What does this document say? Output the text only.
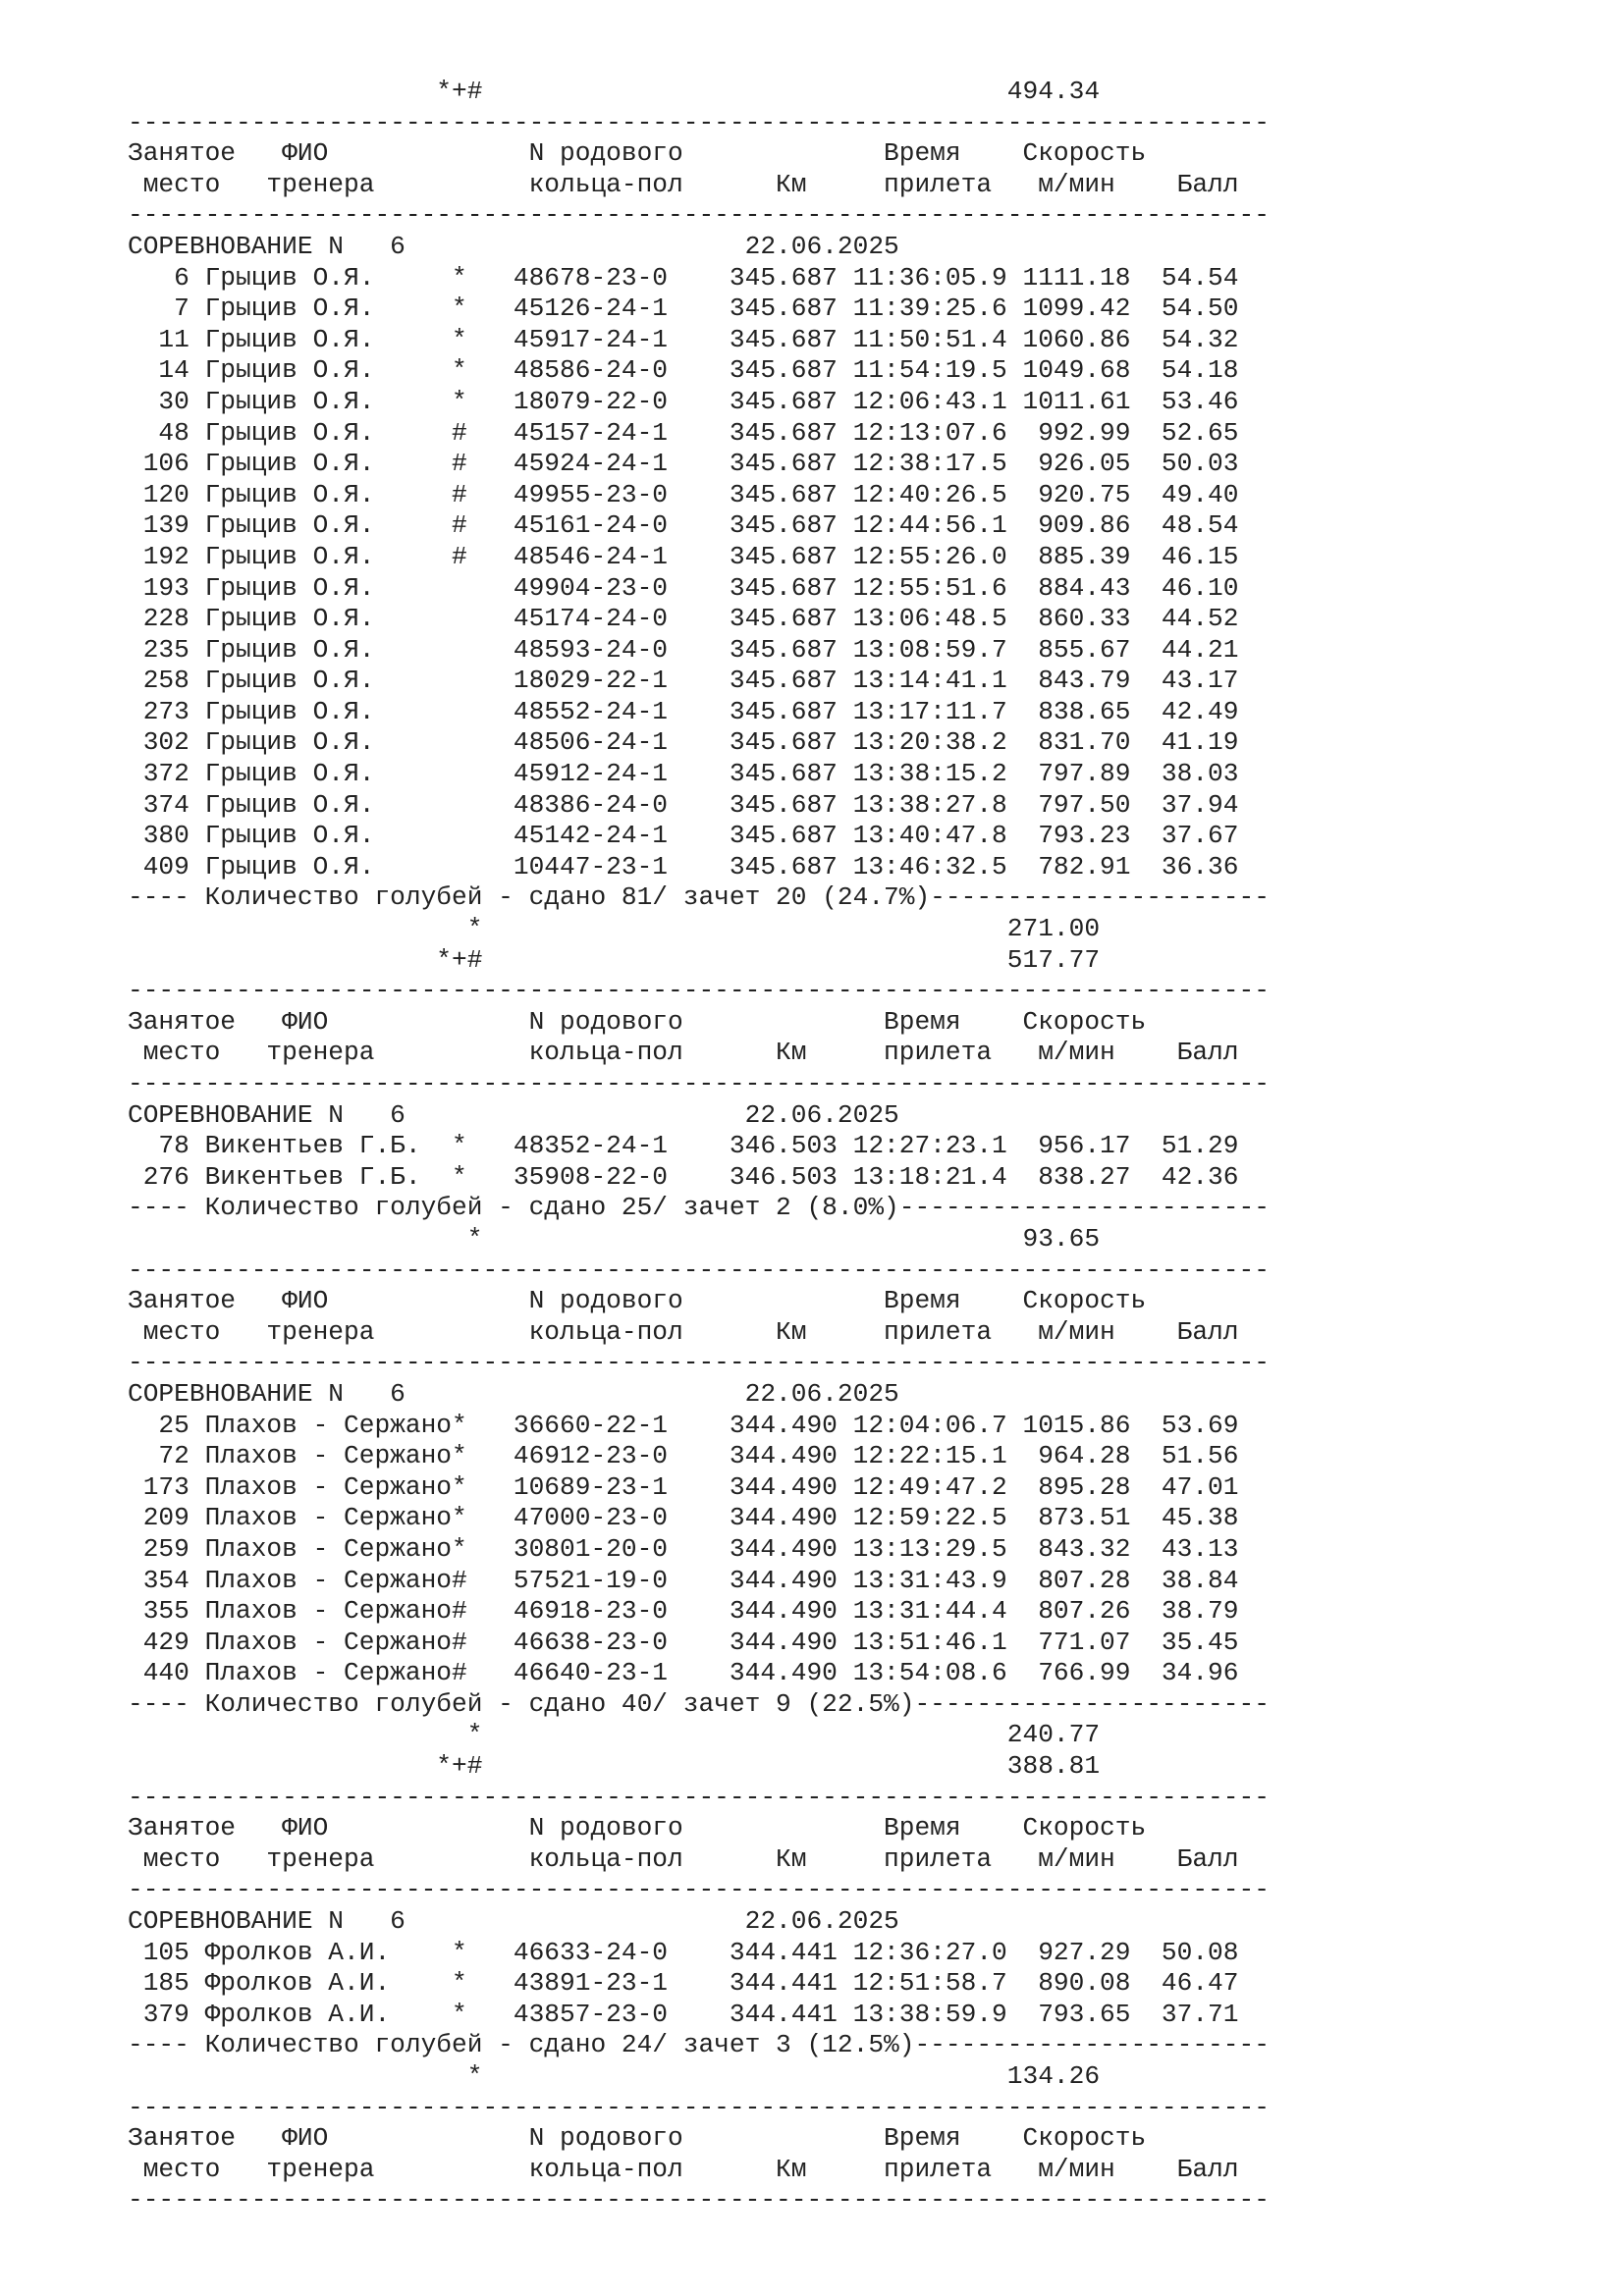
*+#                                  494.34
--------------------------------------------------------------------------
Занятое   ФИО             N родового             Время    Скорость
место   тренера          кольца-пол      Км     прилета   м/мин    Балл
--------------------------------------------------------------------------
СОРЕВНОВАНИЕ N   6                      22.06.2025
6 Грыцив О.Я.     *   48678-23-0    345.687 11:36:05.9 1111.18  54.54
7 Грыцив О.Я.     *   45126-24-1    345.687 11:39:25.6 1099.42  54.50
11 Грыцив О.Я.     *   45917-24-1    345.687 11:50:51.4 1060.86  54.32
14 Грыцив О.Я.     *   48586-24-0    345.687 11:54:19.5 1049.68  54.18
30 Грыцив О.Я.     *   18079-22-0    345.687 12:06:43.1 1011.61  53.46
48 Грыцив О.Я.     #   45157-24-1    345.687 12:13:07.6  992.99  52.65
106 Грыцив О.Я.     #   45924-24-1    345.687 12:38:17.5  926.05  50.03
120 Грыцив О.Я.     #   49955-23-0    345.687 12:40:26.5  920.75  49.40
139 Грыцив О.Я.     #   45161-24-0    345.687 12:44:56.1  909.86  48.54
192 Грыцив О.Я.     #   48546-24-1    345.687 12:55:26.0  885.39  46.15
193 Грыцив О.Я.         49904-23-0    345.687 12:55:51.6  884.43  46.10
228 Грыцив О.Я.         45174-24-0    345.687 13:06:48.5  860.33  44.52
235 Грыцив О.Я.         48593-24-0    345.687 13:08:59.7  855.67  44.21
258 Грыцив О.Я.         18029-22-1    345.687 13:14:41.1  843.79  43.17
273 Грыцив О.Я.         48552-24-1    345.687 13:17:11.7  838.65  42.49
302 Грыцив О.Я.         48506-24-1    345.687 13:20:38.2  831.70  41.19
372 Грыцив О.Я.         45912-24-1    345.687 13:38:15.2  797.89  38.03
374 Грыцив О.Я.         48386-24-0    345.687 13:38:27.8  797.50  37.94
380 Грыцив О.Я.         45142-24-1    345.687 13:40:47.8  793.23  37.67
409 Грыцив О.Я.         10447-23-1    345.687 13:46:32.5  782.91  36.36
---- Количество голубей - сдано 81/ зачет 20 (24.7%)----------------------
*                                  271.00
*+#                                  517.77
--------------------------------------------------------------------------
Занятое   ФИО             N родового             Время    Скорость
место   тренера          кольца-пол      Км     прилета   м/мин    Балл
--------------------------------------------------------------------------
СОРЕВНОВАНИЕ N   6                      22.06.2025
78 Викентьев Г.Б.  *   48352-24-1    346.503 12:27:23.1  956.17  51.29
276 Викентьев Г.Б.  *   35908-22-0    346.503 13:18:21.4  838.27  42.36
---- Количество голубей - сдано 25/ зачет 2 (8.0%)------------------------
*                                   93.65
--------------------------------------------------------------------------
Занятое   ФИО             N родового             Время    Скорость
место   тренера          кольца-пол      Км     прилета   м/мин    Балл
--------------------------------------------------------------------------
СОРЕВНОВАНИЕ N   6                      22.06.2025
25 Плахов - Сержано*   36660-22-1    344.490 12:04:06.7 1015.86  53.69
72 Плахов - Сержано*   46912-23-0    344.490 12:22:15.1  964.28  51.56
173 Плахов - Сержано*   10689-23-1    344.490 12:49:47.2  895.28  47.01
209 Плахов - Сержано*   47000-23-0    344.490 12:59:22.5  873.51  45.38
259 Плахов - Сержано*   30801-20-0    344.490 13:13:29.5  843.32  43.13
354 Плахов - Сержано#   57521-19-0    344.490 13:31:43.9  807.28  38.84
355 Плахов - Сержано#   46918-23-0    344.490 13:31:44.4  807.26  38.79
429 Плахов - Сержано#   46638-23-0    344.490 13:51:46.1  771.07  35.45
440 Плахов - Сержано#   46640-23-1    344.490 13:54:08.6  766.99  34.96
---- Количество голубей - сдано 40/ зачет 9 (22.5%)-----------------------
*                                  240.77
*+#                                  388.81
--------------------------------------------------------------------------
Занятое   ФИО             N родового             Время    Скорость
место   тренера          кольца-пол      Км     прилета   м/мин    Балл
--------------------------------------------------------------------------
СОРЕВНОВАНИЕ N   6                      22.06.2025
105 Фролков А.И.    *   46633-24-0    344.441 12:36:27.0  927.29  50.08
185 Фролков А.И.    *   43891-23-1    344.441 12:51:58.7  890.08  46.47
379 Фролков А.И.    *   43857-23-0    344.441 13:38:59.9  793.65  37.71
---- Количество голубей - сдано 24/ зачет 3 (12.5%)-----------------------
*                                  134.26
--------------------------------------------------------------------------
Занятое   ФИО             N родового             Время    Скорость
место   тренера          кольца-пол      Км     прилета   м/мин    Балл
--------------------------------------------------------------------------
